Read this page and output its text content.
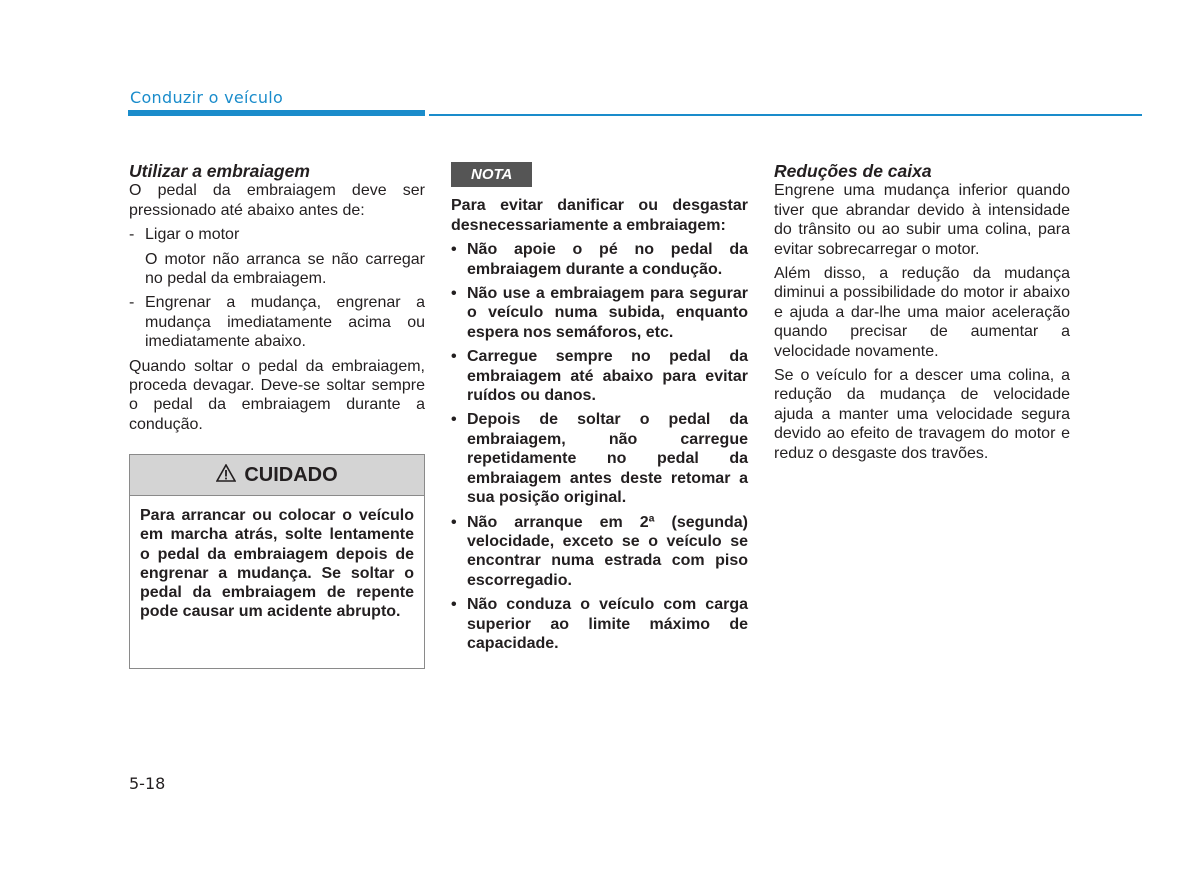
Conduzir o veículo

Utilizar a embraiagem

O pedal da embraiagem deve ser pressionado até abaixo antes de:

- Ligar o motor

O motor não arranca se não carregar no pedal da embraiagem.

- Engrenar a mudança, engrenar a mudança imediatamente acima ou imediatamente abaixo.

Quando soltar o pedal da embraiagem, proceda devagar. Deve-se soltar sempre o pedal da embraiagem durante a condução.

CUIDADO
Para arrancar ou colocar o veículo em marcha atrás, solte lentamente o pedal da embraiagem depois de engrenar a mudança. Se soltar o pedal da embraiagem de repente pode causar um acidente abrupto.
NOTA

Para evitar danificar ou desgastar desnecessariamente a embraiagem:

• Não apoie o pé no pedal da embraiagem durante a condução.
• Não use a embraiagem para segurar o veículo numa subida, enquanto espera nos semáforos, etc.
• Carregue sempre no pedal da embraiagem até abaixo para evitar ruídos ou danos.
• Depois de soltar o pedal da embraiagem, não carregue repetidamente no pedal da embraiagem antes deste retomar a sua posição original.
• Não arranque em 2ª (segunda) velocidade, exceto se o veículo se encontrar numa estrada com piso escorregadio.
• Não conduza o veículo com carga superior ao limite máximo de capacidade.

Reduções de caixa

Engrene uma mudança inferior quando tiver que abrandar devido à intensidade do trânsito ou ao subir uma colina, para evitar sobrecarregar o motor.

Além disso, a redução da mudança diminui a possibilidade do motor ir abaixo e ajuda a dar-lhe uma maior aceleração quando precisar de aumentar a velocidade novamente.

Se o veículo for a descer uma colina, a redução da mudança de velocidade ajuda a manter uma velocidade segura devido ao efeito de travagem do motor e reduz o desgaste dos travões.

5-18
